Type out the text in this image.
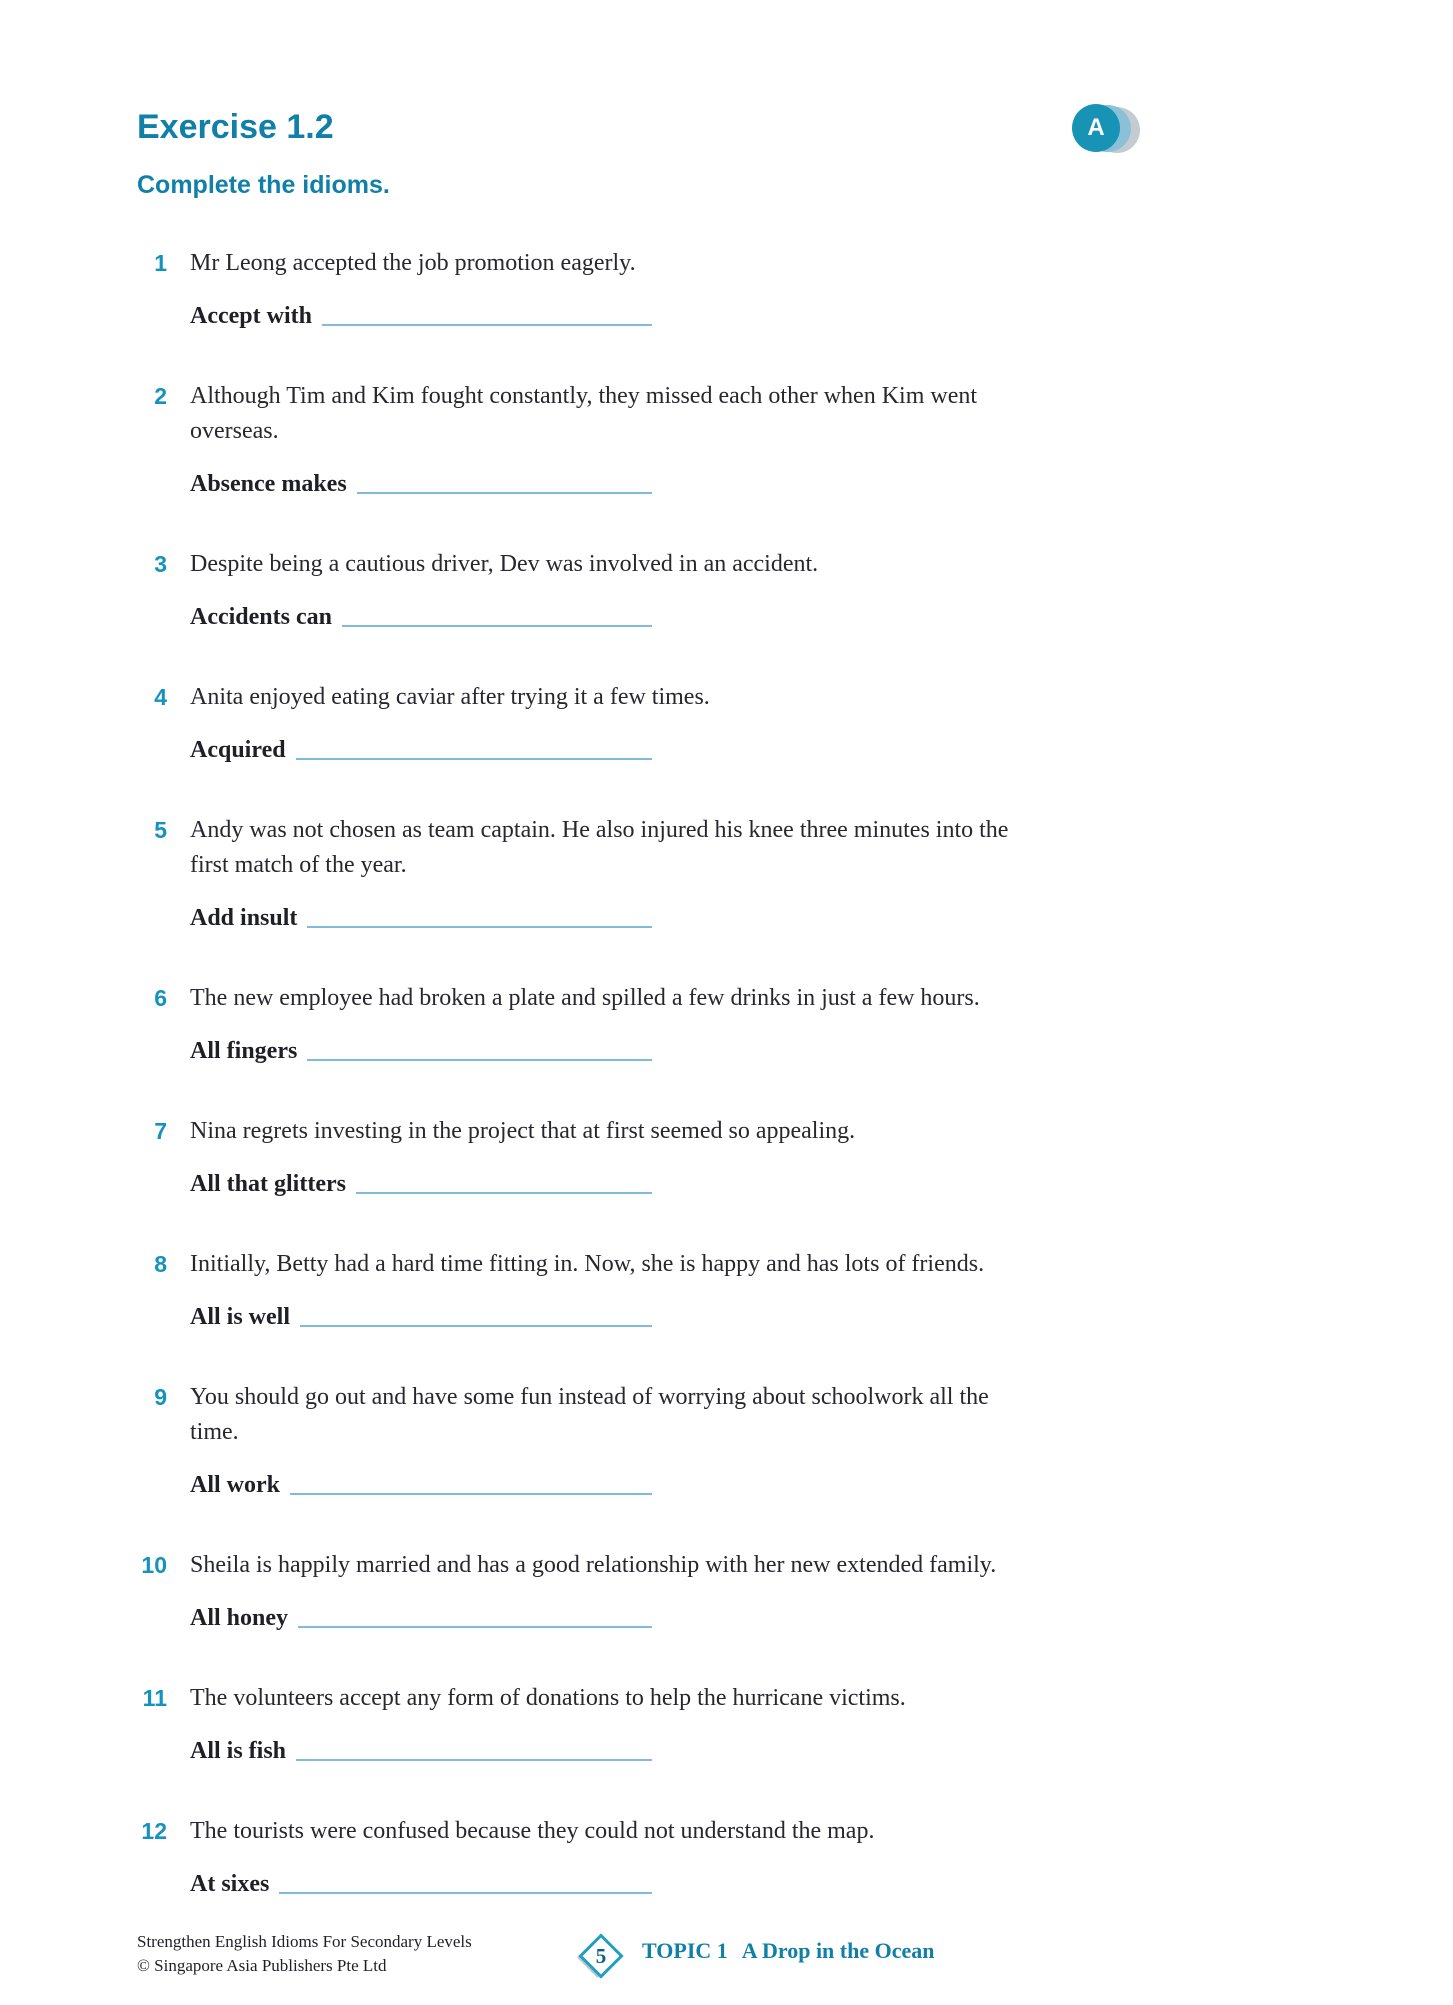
A
Exercise 1.2
Complete the idioms.
1 Mr Leong accepted the job promotion eagerly.

Accept with
2 Although Tim and Kim fought constantly, they missed each other when Kim went overseas.

Absence makes
3 Despite being a cautious driver, Dev was involved in an accident.

Accidents can
4 Anita enjoyed eating caviar after trying it a few times.

Acquired
5 Andy was not chosen as team captain. He also injured his knee three minutes into the first match of the year.

Add insult
6 The new employee had broken a plate and spilled a few drinks in just a few hours.

All fingers
7 Nina regrets investing in the project that at first seemed so appealing.

All that glitters
8 Initially, Betty had a hard time fitting in. Now, she is happy and has lots of friends.

All is well
9 You should go out and have some fun instead of worrying about schoolwork all the time.

All work
10 Sheila is happily married and has a good relationship with her new extended family.

All honey
11 The volunteers accept any form of donations to help the hurricane victims.

All is fish
12 The tourists were confused because they could not understand the map.

At sixes
Strengthen English Idioms For Secondary Levels
© Singapore Asia Publishers Pte Ltd	5	TOPIC 1 A Drop in the Ocean
